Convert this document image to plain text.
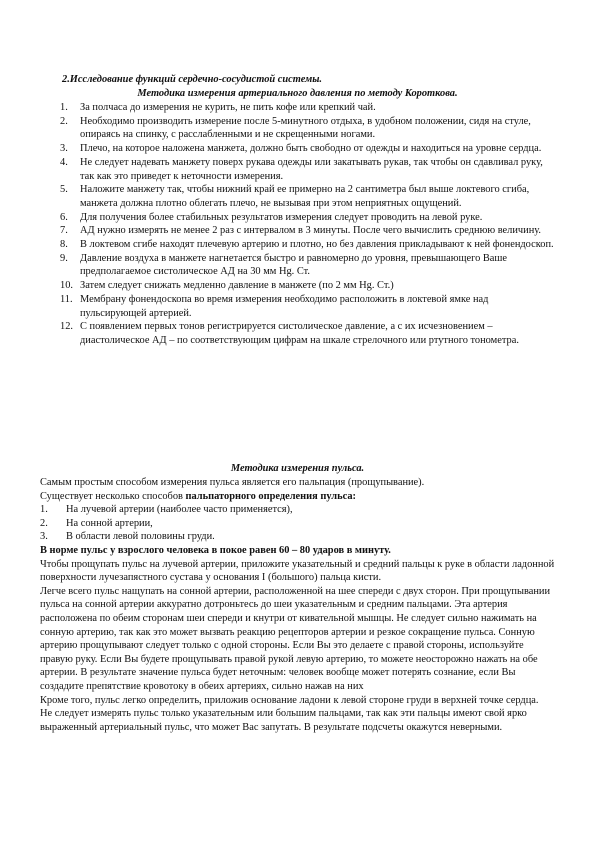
2.Исследование функций сердечно-сосудистой системы.
Методика измерения артериального давления по методу Короткова.
1. За полчаса до измерения не курить, не пить кофе или крепкий чай.
2. Необходимо производить измерение после 5-минутного отдыха, в удобном положении, сидя на стуле, опираясь на спинку, с расслабленными и не скрещенными ногами.
3. Плечо, на которое наложена манжета, должно быть свободно от одежды и находиться на уровне сердца.
4. Не следует надевать манжету поверх рукава одежды или закатывать рукав, так чтобы он сдавливал руку, так как это приведет к неточности измерения.
5. Наложите манжету так, чтобы нижний край ее примерно на 2 сантиметра был выше локтевого сгиба, манжета должна плотно облегать плечо, не вызывая при этом неприятных ощущений.
6. Для получения более стабильных результатов измерения следует проводить на левой руке.
7. АД нужно измерять не менее 2 раз с интервалом в 3 минуты. После чего вычислить среднюю величину.
8. В локтевом сгибе находят плечевую артерию и плотно, но без давления прикладывают к ней фонендоскоп.
9. Давление воздуха в манжете нагнетается быстро и равномерно до уровня, превышающего Ваше предполагаемое систолическое АД на 30 мм Hg. Ст.
10. Затем следует снижать медленно давление в манжете (по 2 мм Hg. Ст.)
11. Мембрану фонендоскопа во время измерения необходимо расположить в локтевой ямке над пульсирующей артерией.
12. С появлением первых тонов регистрируется систолическое давление, а с их исчезновением – диастолическое АД – по соответствующим цифрам на шкале стрелочного или ртутного тонометра.
Методика измерения пульса.

Самым простым способом измерения пульса является его пальпация (прощупывание).

Существует несколько способов пальпаторного определения пульса:

1. На лучевой артерии (наиболее часто применяется),
2. На сонной артерии,
3. В области левой половины груди.

В норме пульс у взрослого человека в покое равен 60 – 80 ударов в минуту.

Чтобы прощупать пульс на лучевой артерии, приложите указательный и средний пальцы к руке в области ладонной поверхности лучезапястного сустава у основания I (большого) пальца кисти.

Легче всего пульс нащупать на сонной артерии, расположенной на шее спереди с двух сторон. При прощупывании пульса на сонной артерии аккуратно дотроньтесь до шеи указательным и средним пальцами. Эта артерия расположена по обеим сторонам шеи спереди и кнутри от кивательной мышцы. Не следует сильно нажимать на сонную артерию, так как это может вызвать реакцию рецепторов артерии и резкое сокращение пульса. Сонную артерию прощупывают следует только с одной стороны. Если Вы это делаете с правой стороны, используйте правую руку. Если Вы будете прощупывать правой рукой левую артерию, то можете неосторожно нажать на обе артерии. В результате значение пульса будет неточным: человек вообще может потерять сознание, если Вы создадите препятствие кровотоку в обеих артериях, сильно нажав на них

Кроме того, пульс легко определить, приложив основание ладони к левой стороне груди в верхней точке сердца.

Не следует измерять пульс только указательным или большим пальцами, так как эти пальцы имеют свой ярко выраженный артериальный пульс, что может Вас запутать. В результате подсчеты окажутся неверными.
